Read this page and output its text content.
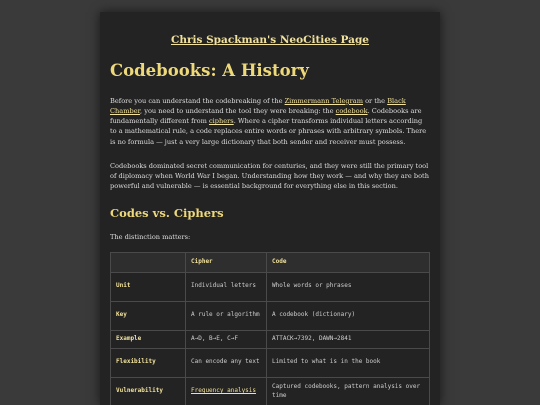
Chris Spackman's NeoCities Page
Codebooks: A History

Before you can understand the codebreaking of the Zimmermann Telegram or the Black Chamber, you need to understand the tool they were breaking: the codebook. Codebooks are fundamentally different from ciphers. Where a cipher transforms individual letters according to a mathematical rule, a code replaces entire words or phrases with arbitrary symbols. There is no formula — just a very large dictionary that both sender and receiver must possess.

Codebooks dominated secret communication for centuries, and they were still the primary tool of diplomacy when World War I began. Understanding how they work — and why they are both powerful and vulnerable — is essential background for everything else in this section.

Codes vs. Ciphers

The distinction matters:

	Cipher	Code
Unit	Individual letters	Whole words or phrases
Key	A rule or algorithm	A codebook (dictionary)
Example	A→D, B→E, C→F	ATTACK→7392, DAWN→2841
Flexibility	Can encode any text	Limited to what is in the book
Vulnerability	Frequency analysis	Captured codebooks, pattern analysis over time
